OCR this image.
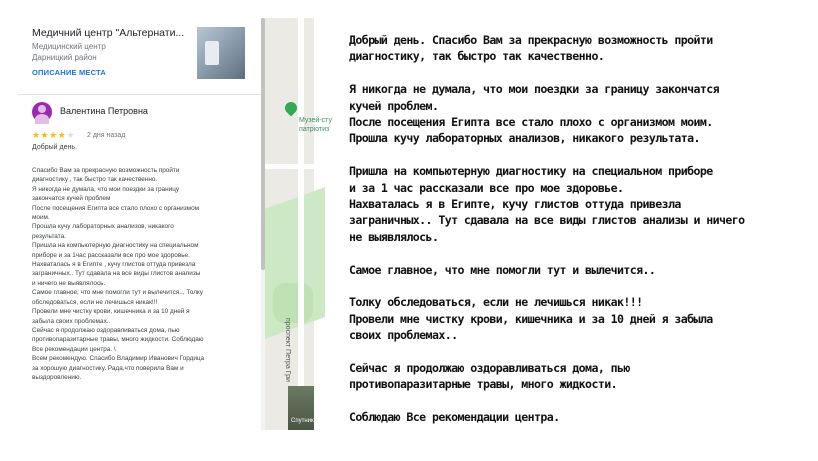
Медичний центр "Альтернати...
Медицинский центр
Дарницкий район
ОПИСАНИЕ МЕСТА
Валентина Петровна
★★★★★ 2 дня назад
Добрый день.
Спасибо Вам за прекрасную возможность пройти
диагностику , так быстро так качественно.
Я никогда не думала, что мои поездки за границу
закончатся кучей проблем
После посещения Египта все стало плохо с организмом
моим.
Прошла кучу лабораторных анализов, никакого
результата.
Пришла на компьютерную диагностику на специальном
приборе и за 1час рассказали все про мое здоровье.
Нахваталась я в Египте , кучу глистов оттуда привезла
заграничных.. Тут сдавала на все виды глистов анализы
и ничего не выявлялось.
Самое главное, что мне помогли тут и вылечится.., Толку
обследоваться, если не лечишься никак!!!
Провели мне чистку крови, кишечника и за 10 дней я
забыла своих проблемах..
Сейчас я продолжаю оздоравливаться дома, пью
противопаразитарные травы, много жидкости. Соблюдаю
Все рекомендации центра. \
Всем рекомендую. Спасибо Владимир Иванович Гордица
за хорошую диагностику. Рада,что поверила Вам и
выздоровлению.
Музей-сту
патріотиз
проспект Петра Гри
Спутник
Добрый день. Спасибо Вам за прекрасную возможность пройти
диагностику, так быстро так качественно.
Я никогда не думала, что мои поездки за границу закончатся
кучей проблем.
После посещения Египта все стало плохо с организмом моим.
Прошла кучу лабораторных анализов, никакого результата.
Пришла на компьютерную диагностику на специальном приборе
и за 1 час рассказали все про мое здоровье.
Нахваталась я в Египте, кучу глистов оттуда привезла
заграничных.. Тут сдавала на все виды глистов анализы и ничего
не выявлялось.
Самое главное, что мне помогли тут и вылечится..
Толку обследоваться, если не лечишься никак!!!
Провели мне чистку крови, кишечника и за 10 дней я забыла
своих проблемах..
Сейчас я продолжаю оздоравливаться дома, пью
противопаразитарные травы, много жидкости.
Соблюдаю Все рекомендации центра.
